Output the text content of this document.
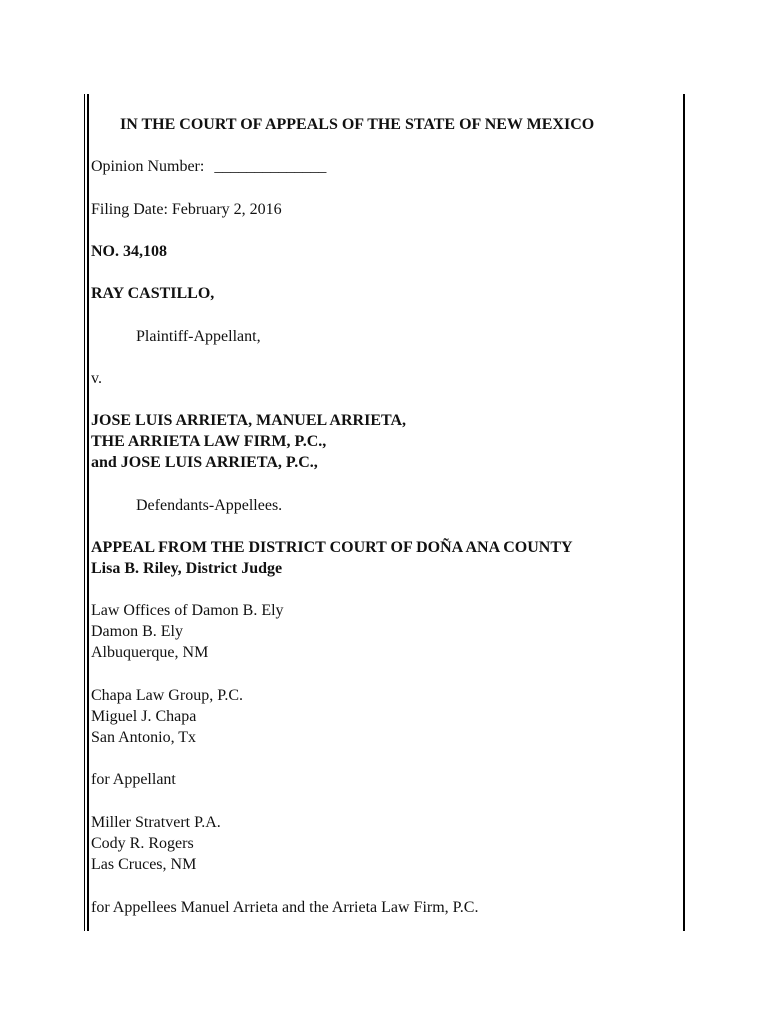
IN THE COURT OF APPEALS OF THE STATE OF NEW MEXICO
Opinion Number: ______________
Filing Date: February 2, 2016
NO. 34,108
RAY CASTILLO,
Plaintiff-Appellant,
v.
JOSE LUIS ARRIETA, MANUEL ARRIETA,
THE ARRIETA LAW FIRM, P.C.,
and JOSE LUIS ARRIETA, P.C.,
Defendants-Appellees.
APPEAL FROM THE DISTRICT COURT OF DOÑA ANA COUNTY
Lisa B. Riley, District Judge
Law Offices of Damon B. Ely
Damon B. Ely
Albuquerque, NM
Chapa Law Group, P.C.
Miguel J. Chapa
San Antonio, Tx
for Appellant
Miller Stratvert P.A.
Cody R. Rogers
Las Cruces, NM
for Appellees Manuel Arrieta and the Arrieta Law Firm, P.C.
